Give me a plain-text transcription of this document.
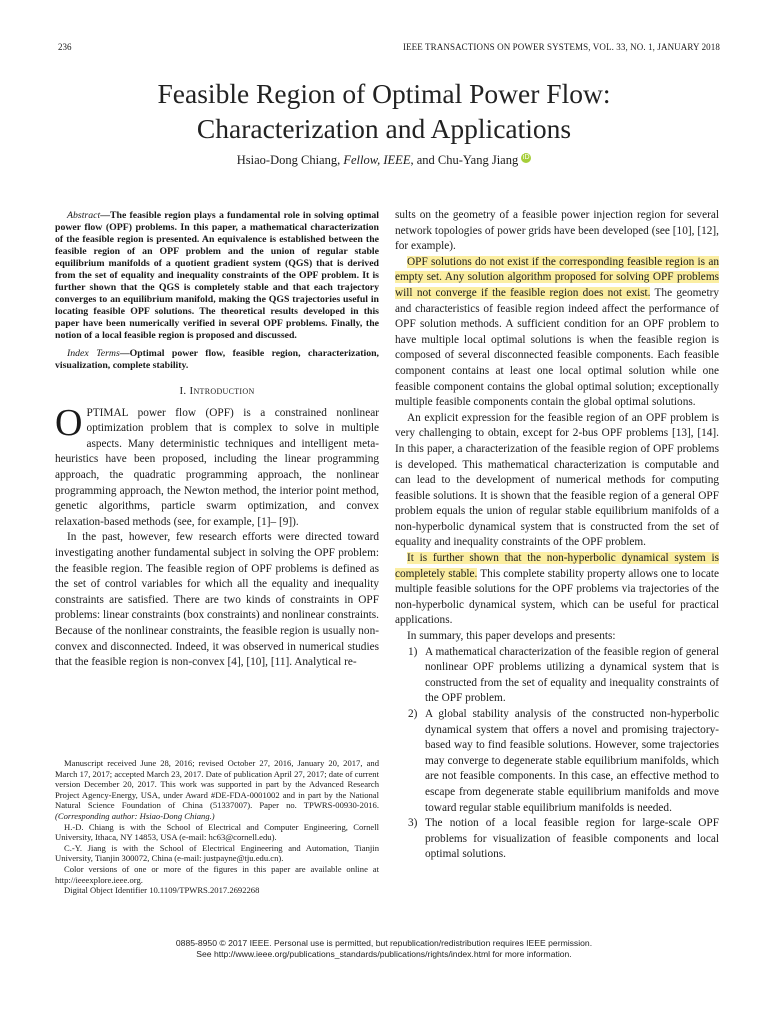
236	IEEE TRANSACTIONS ON POWER SYSTEMS, VOL. 33, NO. 1, JANUARY 2018
Feasible Region of Optimal Power Flow:
Characterization and Applications
Hsiao-Dong Chiang, Fellow, IEEE, and Chu-Yang Jiang iD

Abstract—The feasible region plays a fundamental role in solving optimal power flow (OPF) problems. In this paper, a mathematical characterization of the feasible region is presented. An equivalence is established between the feasible region of an OPF problem and the union of regular stable equilibrium manifolds of a quotient gradient system (QGS) that is derived from the set of equality and inequality constraints of the OPF problem. It is further shown that the QGS is completely stable and that each trajectory converges to an equilibrium manifold, making the QGS trajectories useful in locating feasible OPF solutions. The theoretical results developed in this paper have been numerically verified in several OPF problems. Finally, the notion of a local feasible region is proposed and discussed.

Index Terms—Optimal power flow, feasible region, characterization, visualization, complete stability.

I. Introduction

OPTIMAL power flow (OPF) is a constrained nonlinear optimization problem that is complex to solve in multiple aspects. Many deterministic techniques and intelligent meta-heuristics have been proposed, including the linear programming approach, the quadratic programming approach, the nonlinear programming approach, the Newton method, the interior point method, genetic algorithms, particle swarm optimization, and convex relaxation-based methods (see, for example, [1]– [9]).

In the past, however, few research efforts were directed toward investigating another fundamental subject in solving the OPF problem: the feasible region. The feasible region of OPF problems is defined as the set of control variables for which all the equality and inequality constraints are satisfied. There are two kinds of constraints in OPF problems: linear constraints (box constraints) and nonlinear constraints. Because of the nonlinear constraints, the feasible region is usually non-convex and disconnected. Indeed, it was observed in numerical studies that the feasible region is non-convex [4], [10], [11]. Analytical re-

Manuscript received June 28, 2016; revised October 27, 2016, January 20, 2017, and March 17, 2017; accepted March 23, 2017. Date of publication April 27, 2017; date of current version December 20, 2017. This work was supported in part by the Advanced Research Project Agency-Energy, USA, under Award #DE-FDA-0001002 and in part by the National Natural Science Foundation of China (51337007). Paper no. TPWRS-00930-2016. (Corresponding author: Hsiao-Dong Chiang.)

H.-D. Chiang is with the School of Electrical and Computer Engineering, Cornell University, Ithaca, NY 14853, USA (e-mail: hc63@cornell.edu).

C.-Y. Jiang is with the School of Electrical Engineering and Automation, Tianjin University, Tianjin 300072, China (e-mail: justpayne@tju.edu.cn).

Color versions of one or more of the figures in this paper are available online at http://ieeexplore.ieee.org.

Digital Object Identifier 10.1109/TPWRS.2017.2692268

sults on the geometry of a feasible power injection region for several network topologies of power grids have been developed (see [10], [12], for example).

OPF solutions do not exist if the corresponding feasible region is an empty set. Any solution algorithm proposed for solving OPF problems will not converge if the feasible region does not exist. The geometry and characteristics of feasible region indeed affect the performance of OPF solution methods. A sufficient condition for an OPF problem to have multiple local optimal solutions is when the feasible region is composed of several disconnected feasible components. Each feasible component contains at least one local optimal solution while one feasible component contains the global optimal solution; exceptionally multiple feasible components contain the global optimal solutions.

An explicit expression for the feasible region of an OPF problem is very challenging to obtain, except for 2-bus OPF problems [13], [14]. In this paper, a characterization of the feasible region of OPF problems is developed. This mathematical characterization is computable and can lead to the development of numerical methods for computing feasible solutions. It is shown that the feasible region of a general OPF problem equals the union of regular stable equilibrium manifolds of a non-hyperbolic dynamical system that is constructed from the set of equality and inequality constraints of the OPF problem.

It is further shown that the non-hyperbolic dynamical system is completely stable. This complete stability property allows one to locate multiple feasible solutions for the OPF problems via trajectories of the non-hyperbolic dynamical system, which can be useful for practical applications.

In summary, this paper develops and presents:

1) A mathematical characterization of the feasible region of general nonlinear OPF problems utilizing a dynamical system that is constructed from the set of equality and inequality constraints of the OPF problem.
2) A global stability analysis of the constructed non-hyperbolic dynamical system that offers a novel and promising trajectory-based way to find feasible solutions. However, some trajectories may converge to degenerate stable equilibrium manifolds, which are not feasible components. In this case, an effective method to escape from degenerate stable equilibrium manifolds and move toward regular stable equilibrium manifolds is needed.
3) The notion of a local feasible region for large-scale OPF problems for visualization of feasible components and local optimal solutions.
0885-8950 © 2017 IEEE. Personal use is permitted, but republication/redistribution requires IEEE permission.
See http://www.ieee.org/publications_standards/publications/rights/index.html for more information.
